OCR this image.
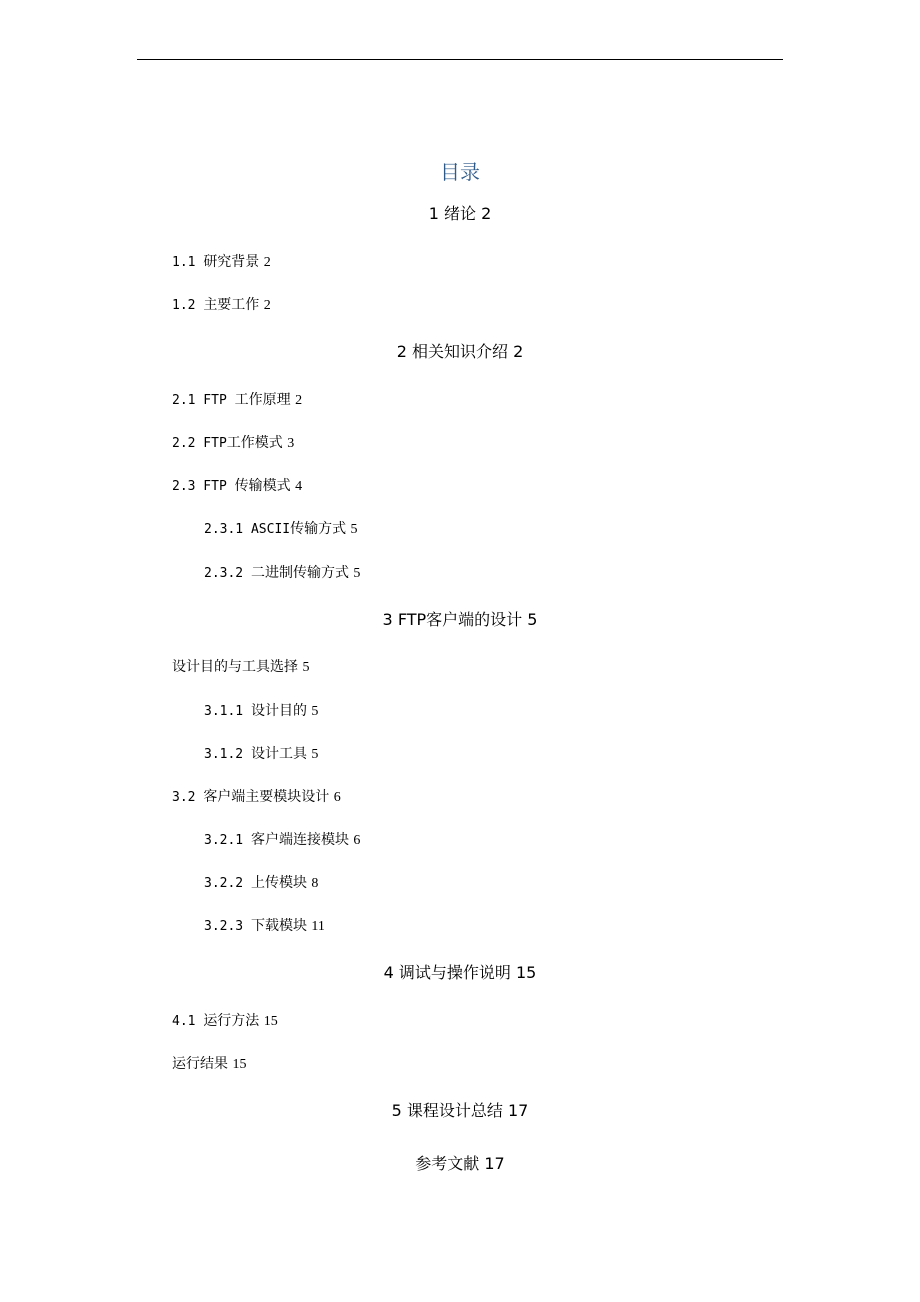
目录
1 绪论 2
1.1 研究背景 2
1.2 主要工作 2
2 相关知识介绍 2
2.1 FTP 工作原理 2
2.2 FTP工作模式 3
2.3 FTP 传输模式 4
2.3.1 ASCII传输方式 5
2.3.2 二进制传输方式 5
3 FTP客户端的设计 5
设计目的与工具选择 5
3.1.1 设计目的 5
3.1.2 设计工具 5
3.2 客户端主要模块设计 6
3.2.1 客户端连接模块 6
3.2.2 上传模块 8
3.2.3 下载模块 11
4 调试与操作说明 15
4.1 运行方法 15
运行结果 15
5 课程设计总结 17
参考文献 17
